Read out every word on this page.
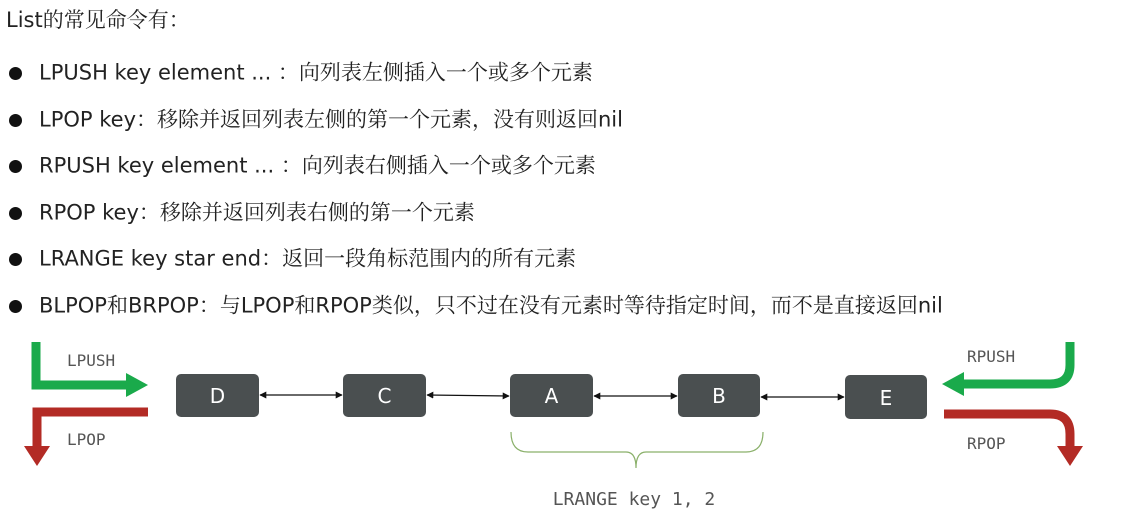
List的常见命令有：
LPUSH key element ... ：向列表左侧插入一个或多个元素
LPOP key：移除并返回列表左侧的第一个元素，没有则返回nil
RPUSH key element ... ：向列表右侧插入一个或多个元素
RPOP key：移除并返回列表右侧的第一个元素
LRANGE key star end：返回一段角标范围内的所有元素
BLPOP和BRPOP：与LPOP和RPOP类似，只不过在没有元素时等待指定时间，而不是直接返回nil
LPUSH
LPOP
RPUSH
RPOP
D	C	A	B	E
LRANGE key 1, 2
